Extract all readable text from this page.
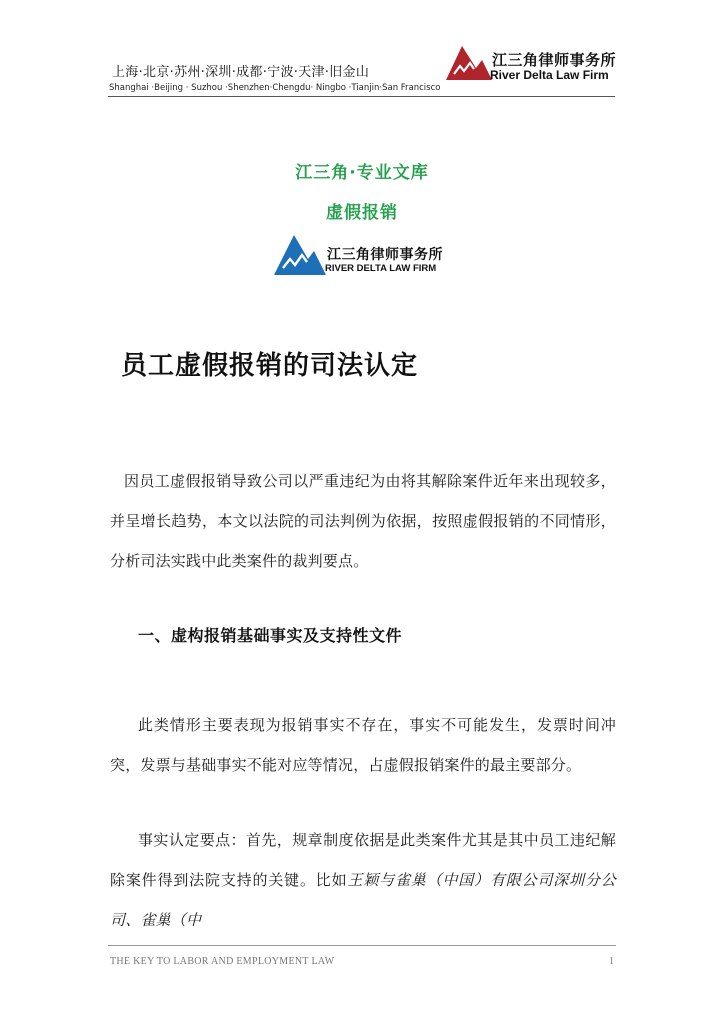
上海·北京·苏州·深圳·成都·宁波·天津·旧金山
Shanghai ·Beijing · Suzhou ·Shenzhen·Chengdu· Ningbo ·Tianjin·San Francisco
江三角律师事务所
River Delta Law Firm
江三角·专业文库
虚假报销
江三角律师事务所
RIVER DELTA LAW FIRM
员工虚假报销的司法认定
因员工虚假报销导致公司以严重违纪为由将其解除案件近年来出现较多，并呈增长趋势，本文以法院的司法判例为依据，按照虚假报销的不同情形，分析司法实践中此类案件的裁判要点。
一、虚构报销基础事实及支持性文件
此类情形主要表现为报销事实不存在，事实不可能发生，发票时间冲突，发票与基础事实不能对应等情况，占虚假报销案件的最主要部分。
事实认定要点：首先，规章制度依据是此类案件尤其是其中员工违纪解除案件得到法院支持的关键。比如王颖与雀巢（中国）有限公司深圳分公司、雀巢（中
THE KEY TO LABOR AND EMPLOYMENT LAW	1
